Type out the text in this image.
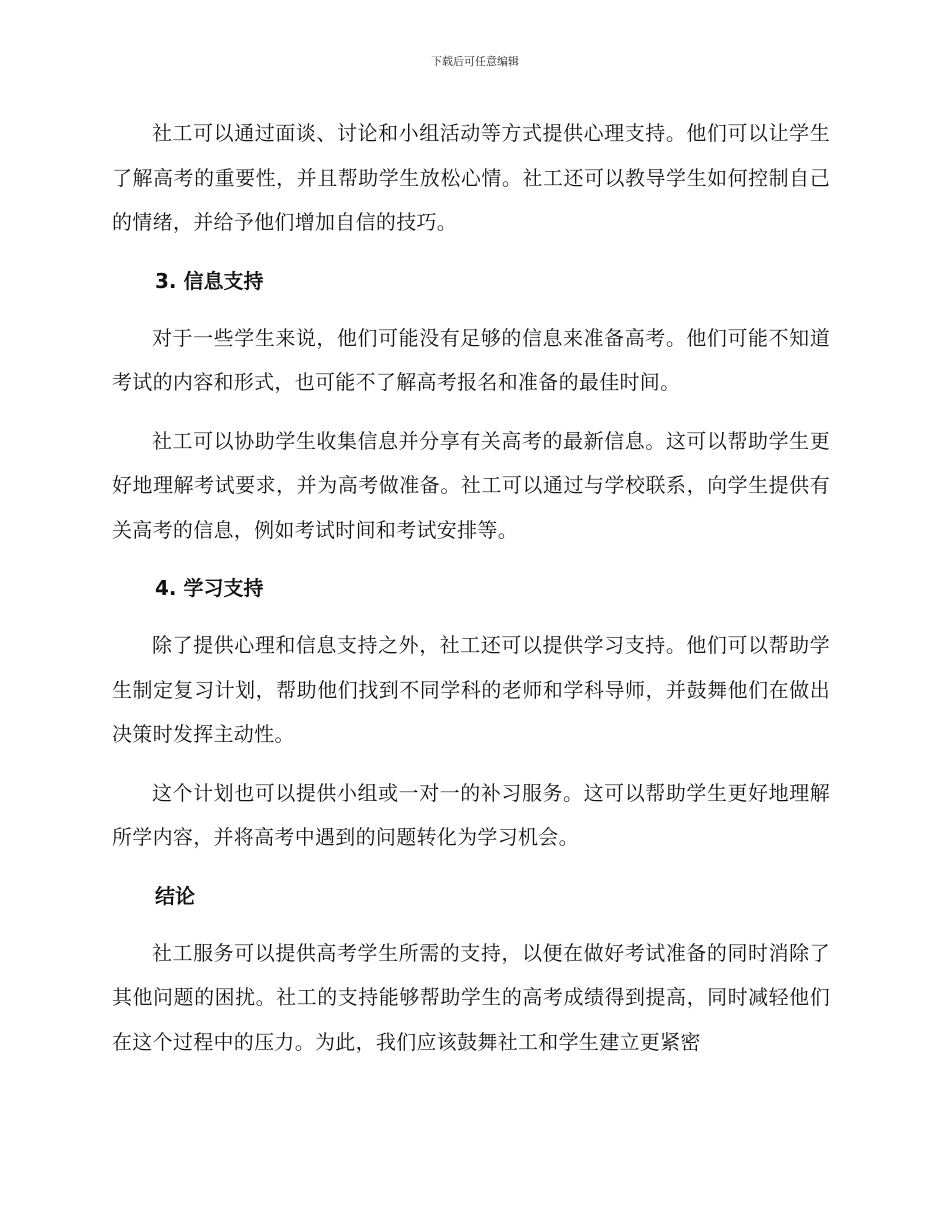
下载后可任意编辑

社工可以通过面谈、讨论和小组活动等方式提供心理支持。他们可以让学生了解高考的重要性，并且帮助学生放松心情。社工还可以教导学生如何控制自己的情绪，并给予他们增加自信的技巧。

3. 信息支持

对于一些学生来说，他们可能没有足够的信息来准备高考。他们可能不知道考试的内容和形式，也可能不了解高考报名和准备的最佳时间。

社工可以协助学生收集信息并分享有关高考的最新信息。这可以帮助学生更好地理解考试要求，并为高考做准备。社工可以通过与学校联系，向学生提供有关高考的信息，例如考试时间和考试安排等。

4. 学习支持

除了提供心理和信息支持之外，社工还可以提供学习支持。他们可以帮助学生制定复习计划，帮助他们找到不同学科的老师和学科导师，并鼓舞他们在做出决策时发挥主动性。

这个计划也可以提供小组或一对一的补习服务。这可以帮助学生更好地理解所学内容，并将高考中遇到的问题转化为学习机会。

结论

社工服务可以提供高考学生所需的支持，以便在做好考试准备的同时消除了其他问题的困扰。社工的支持能够帮助学生的高考成绩得到提高，同时减轻他们在这个过程中的压力。为此，我们应该鼓舞社工和学生建立更紧密
